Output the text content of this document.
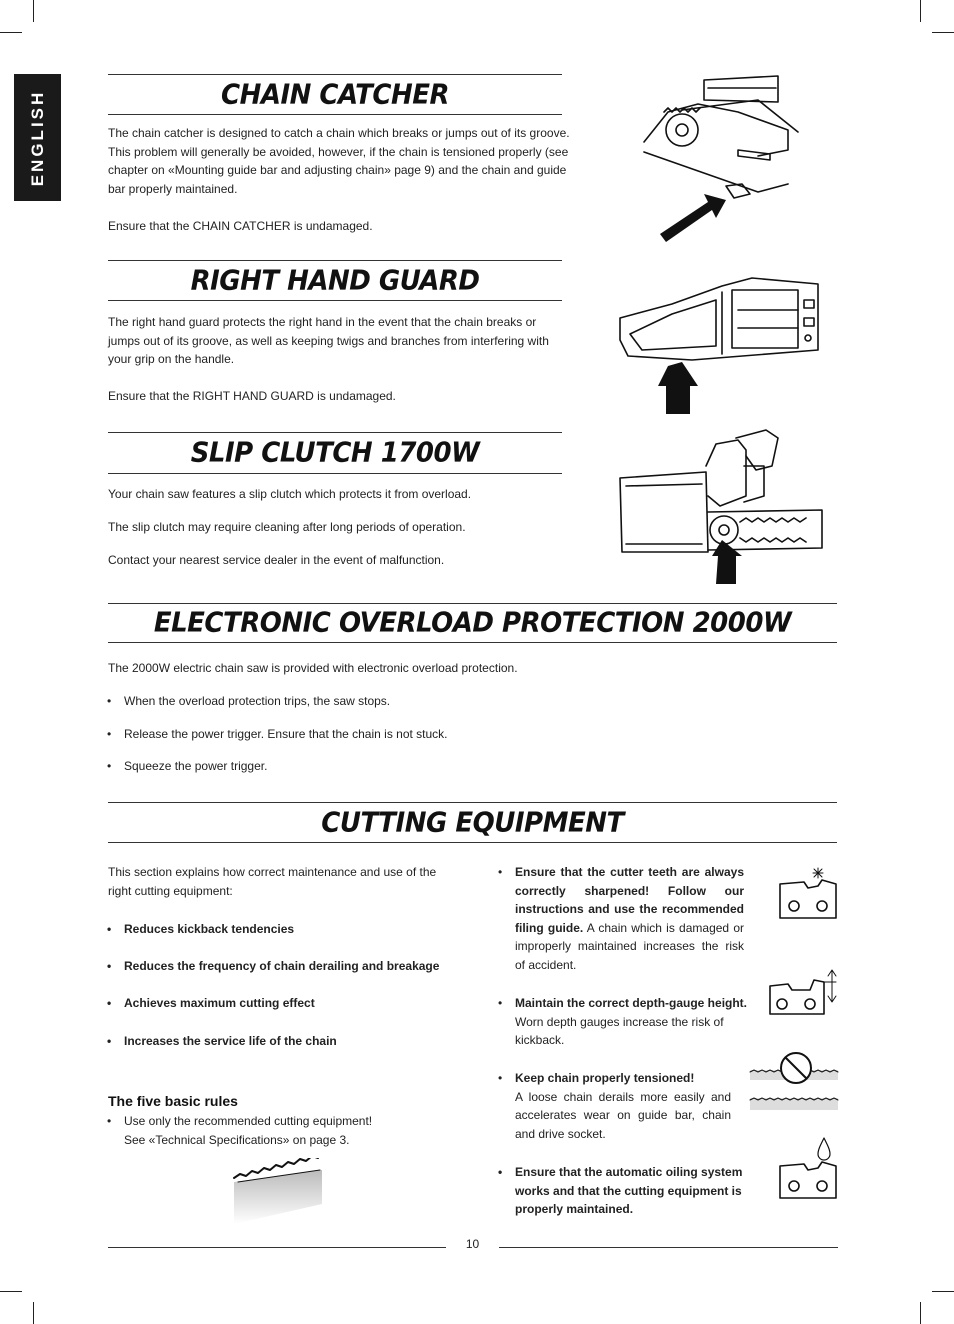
ENGLISH	CHAIN CATCHER
The chain catcher is designed to catch a chain which breaks or jumps out of its groove.
This problem will generally be avoided, however, if the chain is tensioned properly (see
chapter on «Mounting guide bar and adjusting chain» page 9) and the chain and guide
bar properly maintained.
Ensure that the CHAIN CATCHER is undamaged.
RIGHT HAND GUARD
The right hand guard protects the right hand in the event that the chain breaks or
jumps out of its groove, as well as keeping twigs and branches from interfering with
your grip on the handle.
Ensure that the RIGHT HAND GUARD is undamaged.
SLIP CLUTCH 1700W
Your chain saw features a slip clutch which protects it from overload.
The slip clutch may require cleaning after long periods of operation.
Contact your nearest service dealer in the event of malfunction.
ELECTRONIC OVERLOAD PROTECTION 2000W
The 2000W electric chain saw is provided with electronic overload protection.
• When the overload protection trips, the saw stops.
• Release the power trigger. Ensure that the chain is not stuck.
• Squeeze the power trigger.
CUTTING EQUIPMENT
This section explains how correct maintenance and use of the
right cutting equipment:
• Reduces kickback tendencies
• Reduces the frequency of chain derailing and breakage
• Achieves maximum cutting effect
• Increases the service life of the chain
The five basic rules
• Use only the recommended cutting equipment!
See «Technical Specifications» on page 3.
• Ensure that the cutter teeth are always
correctly sharpened! Follow our
instructions and use the recommended
filing guide. A chain which is damaged or
improperly maintained increases the risk
of accident.
• Maintain the correct depth-gauge height.
Worn depth gauges increase the risk of
kickback.
• Keep chain properly tensioned!
A loose chain derails more easily and
accelerates wear on guide bar, chain
and drive socket.
• Ensure that the automatic oiling system
works and that the cutting equipment is
properly maintained.
10
